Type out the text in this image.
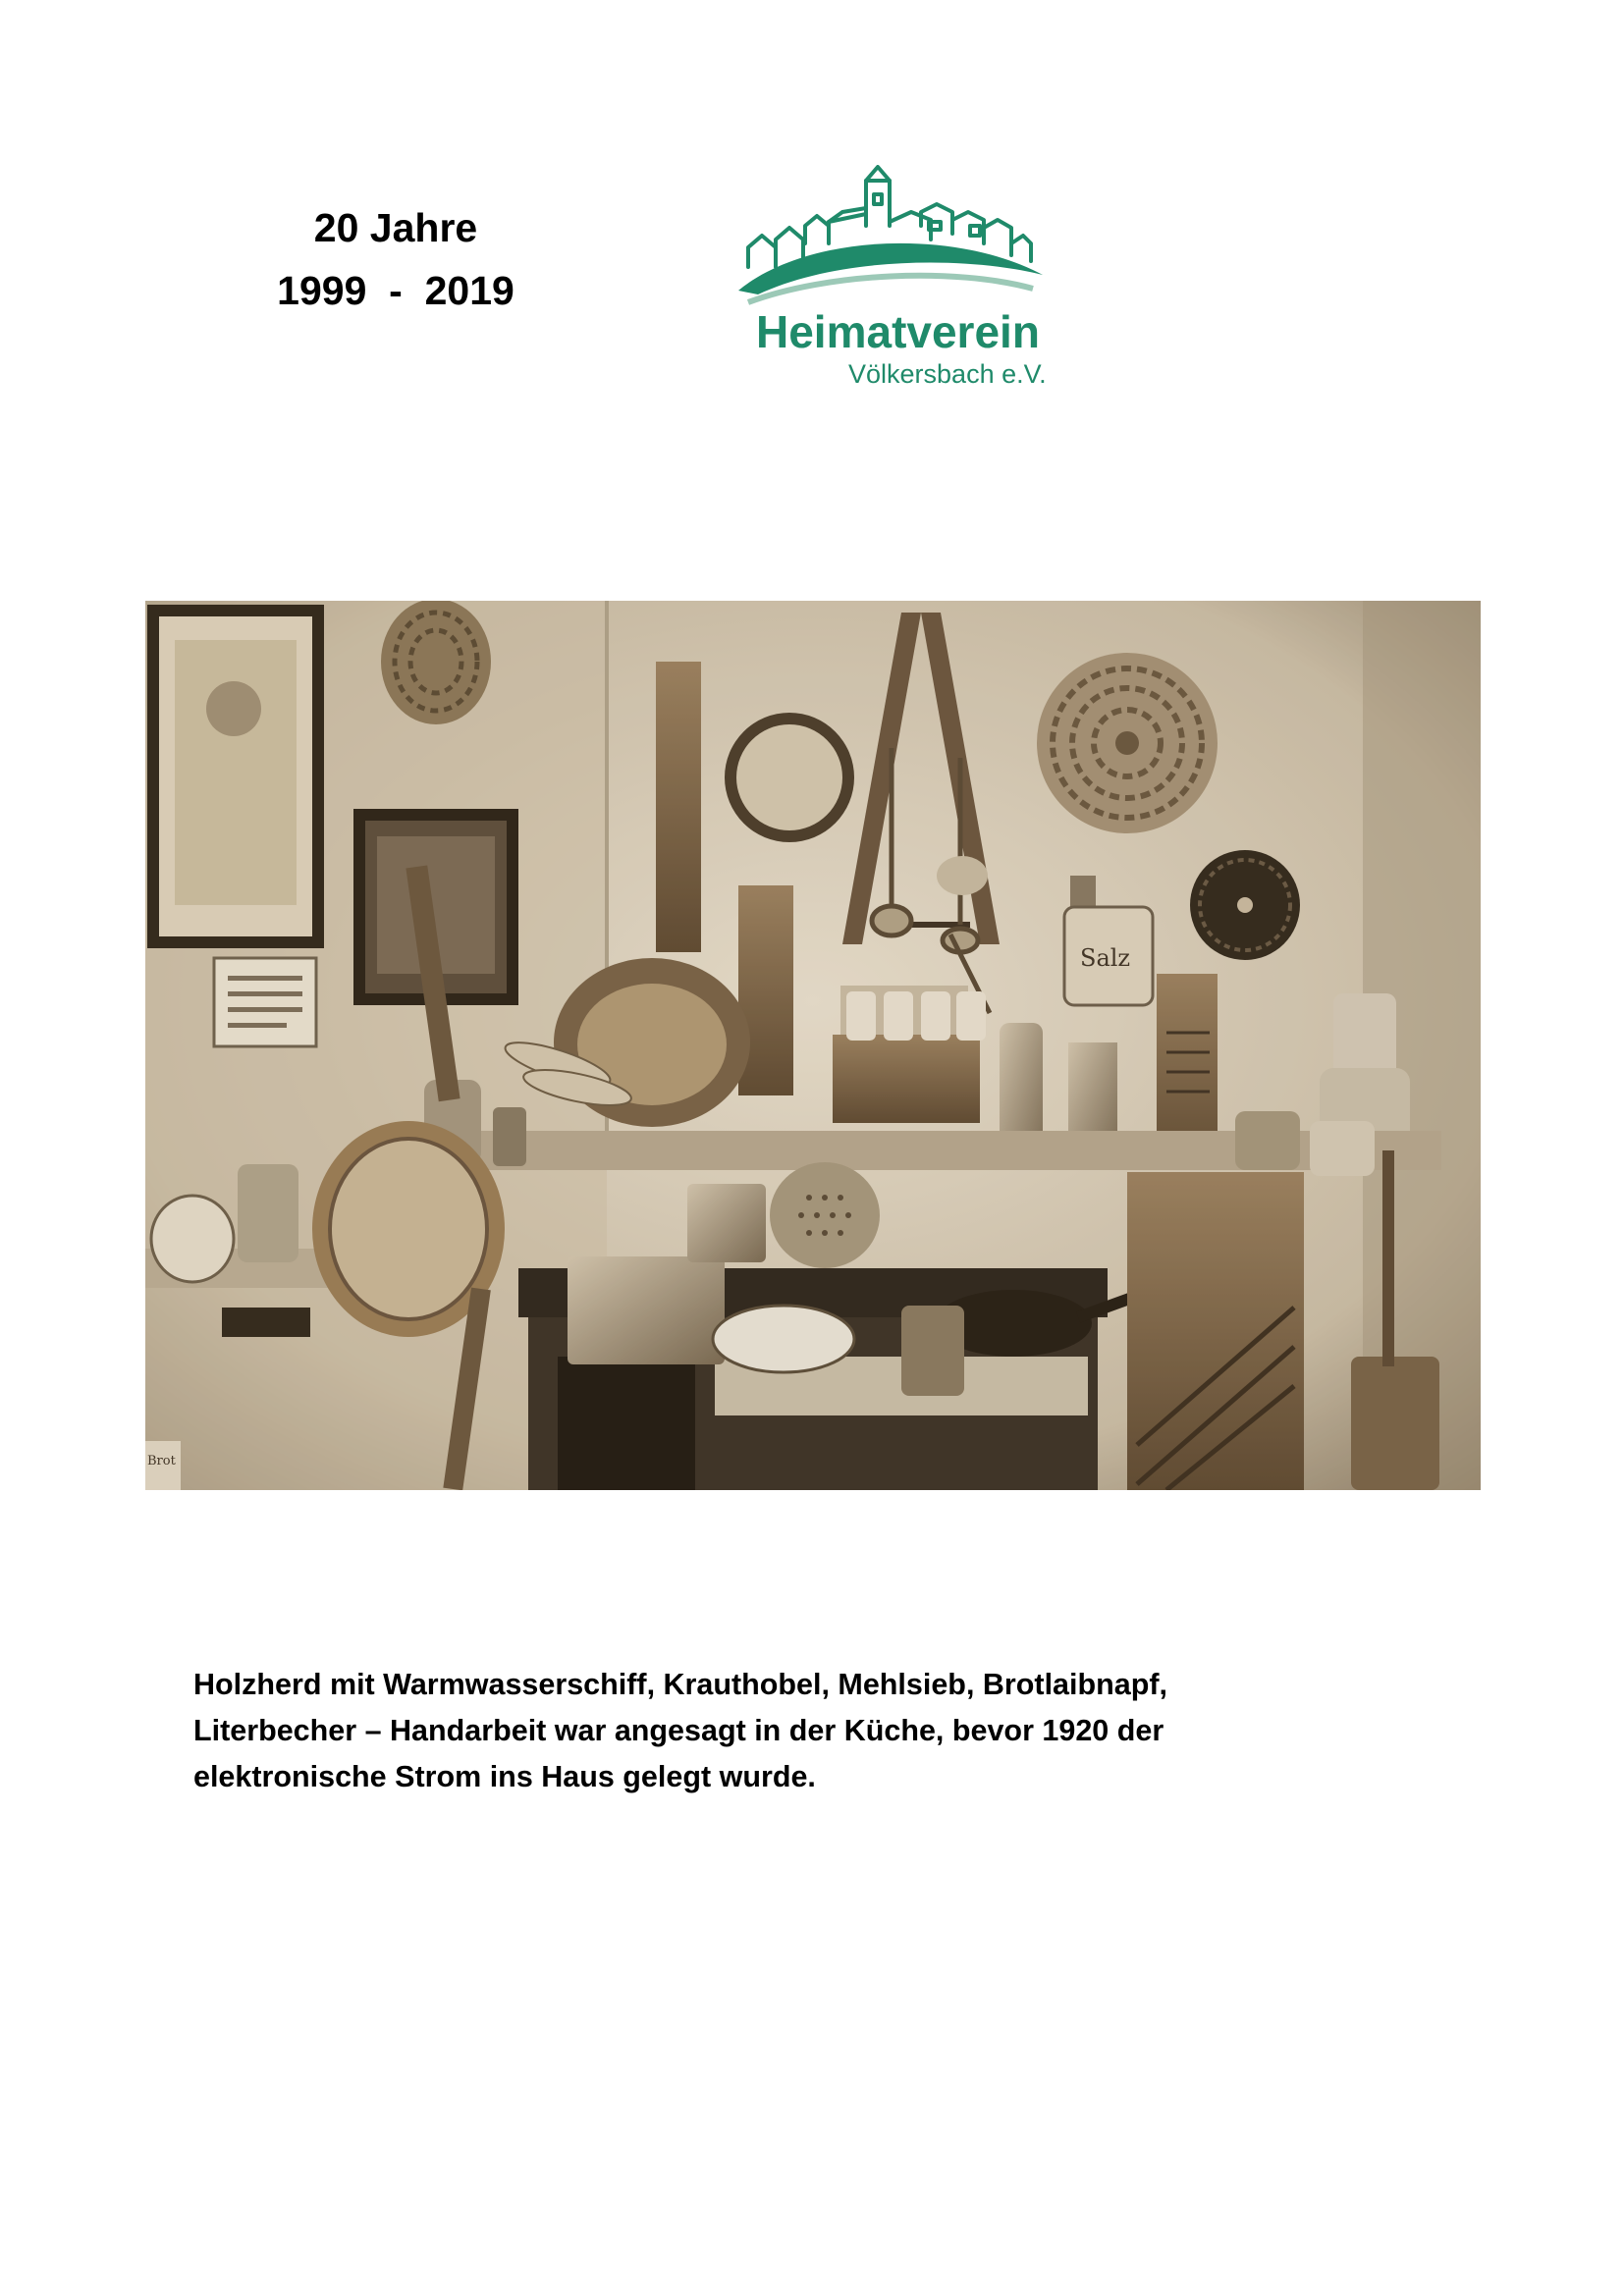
20 Jahre
1999  -  2019
Heimatverein
Völkersbach e.V.
Salz
Brot
Holzherd mit Warmwasserschiff, Krauthobel, Mehlsieb, Brotlaibnapf,
Literbecher – Handarbeit war angesagt in der Küche, bevor 1920 der
elektronische Strom ins Haus gelegt wurde.
